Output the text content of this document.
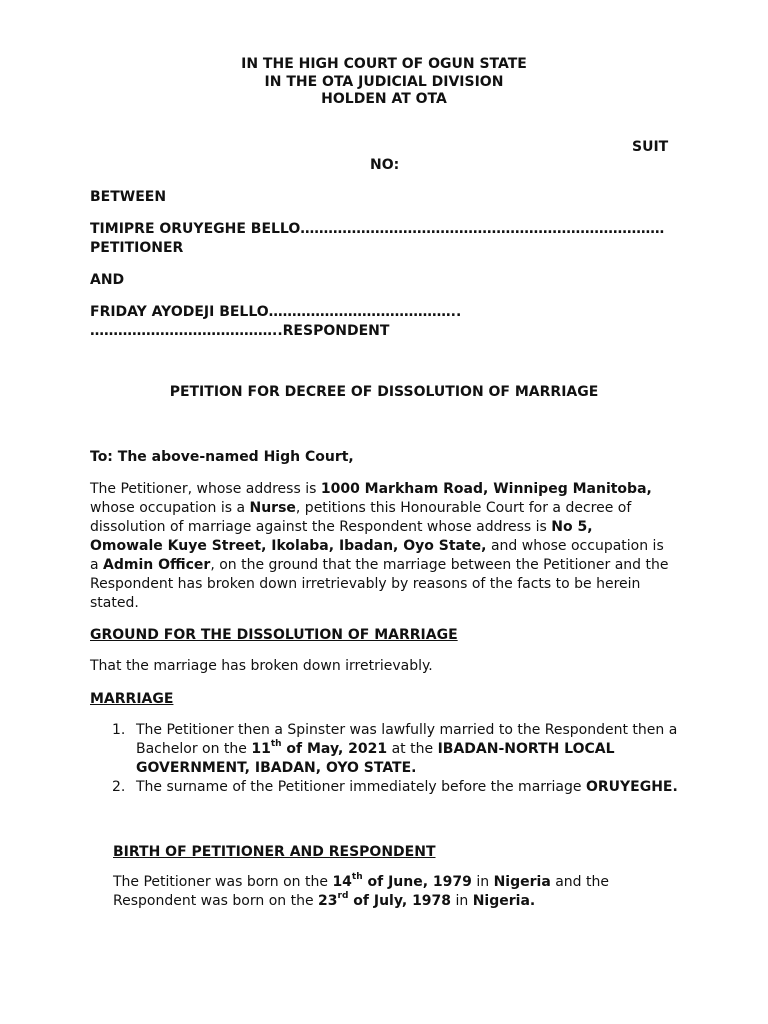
IN THE HIGH COURT OF OGUN STATE
IN THE OTA JUDICIAL DIVISION
HOLDEN AT OTA
SUIT
NO:
BETWEEN
TIMIPRE ORUYEGHE BELLO……………………………………………………………………
PETITIONER
AND
FRIDAY AYODEJI BELLO…………………………………..
…………………………………..RESPONDENT
PETITION FOR DECREE OF DISSOLUTION OF MARRIAGE
To: The above-named High Court,
The Petitioner, whose address is 1000 Markham Road, Winnipeg Manitoba, whose occupation is a Nurse, petitions this Honourable Court for a decree of dissolution of marriage against the Respondent whose address is No 5, Omowale Kuye Street, Ikolaba, Ibadan, Oyo State, and whose occupation is a Admin Officer, on the ground that the marriage between the Petitioner and the Respondent has broken down irretrievably by reasons of the facts to be herein stated.
GROUND FOR THE DISSOLUTION OF MARRIAGE
That the marriage has broken down irretrievably.
MARRIAGE
1. The Petitioner then a Spinster was lawfully married to the Respondent then a Bachelor on the 11th of May, 2021 at the IBADAN-NORTH LOCAL GOVERNMENT, IBADAN, OYO STATE.
2. The surname of the Petitioner immediately before the marriage ORUYEGHE.
BIRTH OF PETITIONER AND RESPONDENT
The Petitioner was born on the 14th of June, 1979 in Nigeria and the Respondent was born on the 23rd of July, 1978 in Nigeria.
